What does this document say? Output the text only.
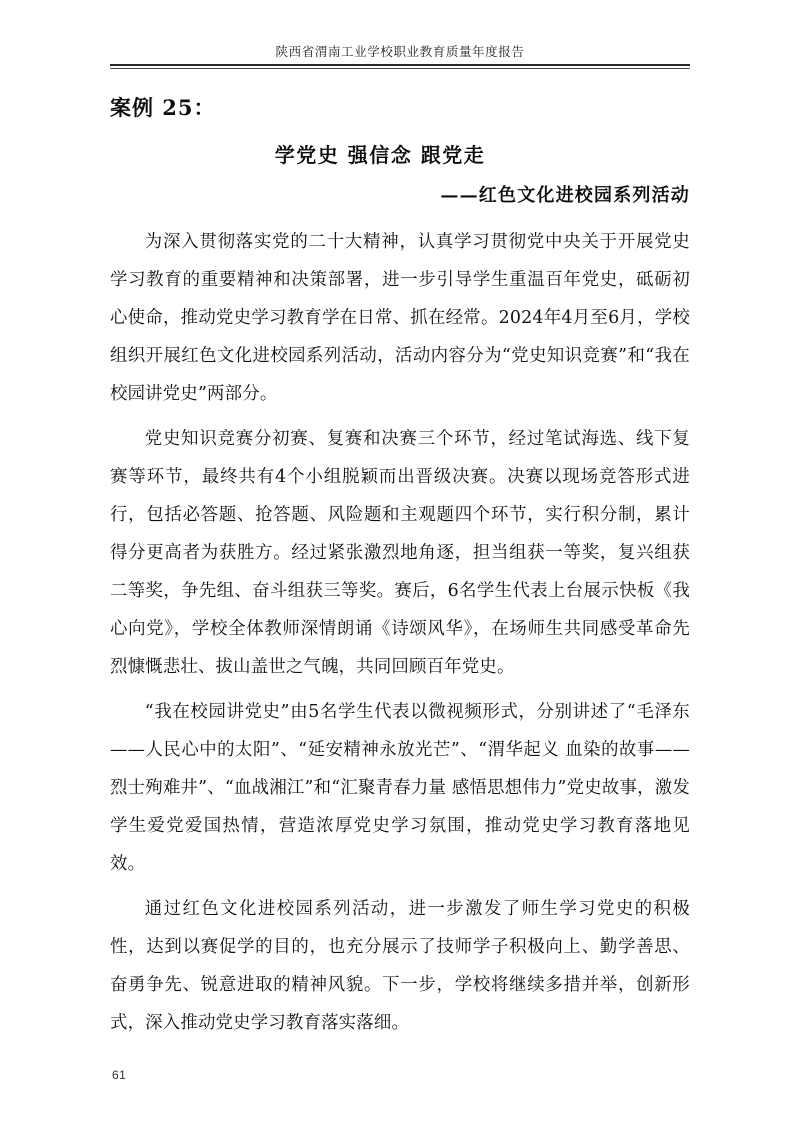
陕西省渭南工业学校职业教育质量年度报告
案例 25：
学党史 强信念 跟党走
——红色文化进校园系列活动

为深入贯彻落实党的二十大精神，认真学习贯彻党中央关于开展党史学习教育的重要精神和决策部署，进一步引导学生重温百年党史，砥砺初心使命，推动党史学习教育学在日常、抓在经常。2024年4月至6月，学校组织开展红色文化进校园系列活动，活动内容分为“党史知识竞赛”和“我在校园讲党史”两部分。

党史知识竞赛分初赛、复赛和决赛三个环节，经过笔试海选、线下复赛等环节，最终共有4个小组脱颖而出晋级决赛。决赛以现场竞答形式进行，包括必答题、抢答题、风险题和主观题四个环节，实行积分制，累计得分更高者为获胜方。经过紧张激烈地角逐，担当组获一等奖，复兴组获二等奖，争先组、奋斗组获三等奖。赛后，6名学生代表上台展示快板《我心向党》，学校全体教师深情朗诵《诗颂风华》，在场师生共同感受革命先烈慷慨悲壮、拔山盖世之气魄，共同回顾百年党史。

“我在校园讲党史”由5名学生代表以微视频形式，分别讲述了“毛泽东——人民心中的太阳”、“延安精神永放光芒”、“渭华起义 血染的故事——烈士殉难井”、“血战湘江”和“汇聚青春力量 感悟思想伟力”党史故事，激发学生爱党爱国热情，营造浓厚党史学习氛围，推动党史学习教育落地见效。

通过红色文化进校园系列活动，进一步激发了师生学习党史的积极性，达到以赛促学的目的，也充分展示了技师学子积极向上、勤学善思、奋勇争先、锐意进取的精神风貌。下一步，学校将继续多措并举，创新形式，深入推动党史学习教育落实落细。

61
